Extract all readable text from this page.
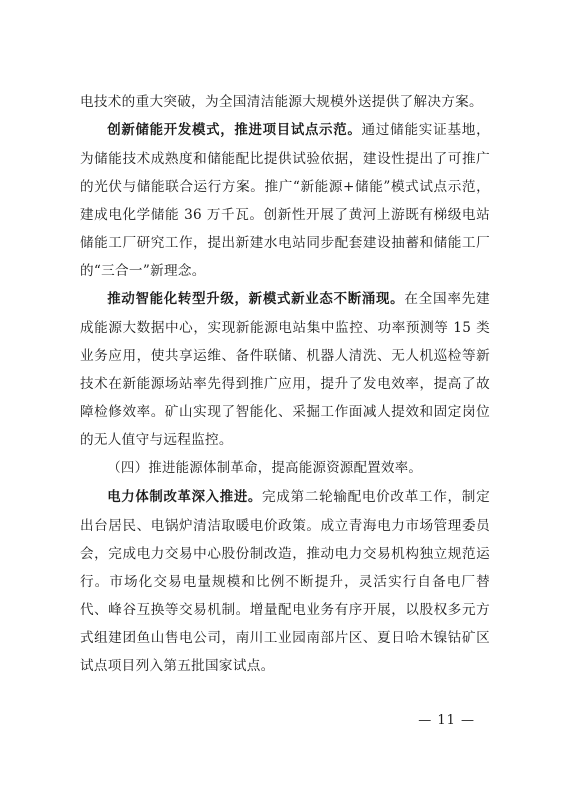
电技术的重大突破，为全国清洁能源大规模外送提供了解决方案。

创新储能开发模式，推进项目试点示范。通过储能实证基地，为储能技术成熟度和储能配比提供试验依据，建设性提出了可推广的光伏与储能联合运行方案。推广“新能源+储能”模式试点示范，建成电化学储能 36 万千瓦。创新性开展了黄河上游既有梯级电站储能工厂研究工作，提出新建水电站同步配套建设抽蓄和储能工厂的“三合一”新理念。

推动智能化转型升级，新模式新业态不断涌现。在全国率先建成能源大数据中心，实现新能源电站集中监控、功率预测等 15 类业务应用，使共享运维、备件联储、机器人清洗、无人机巡检等新技术在新能源场站率先得到推广应用，提升了发电效率，提高了故障检修效率。矿山实现了智能化、采掘工作面减人提效和固定岗位的无人值守与远程监控。

（四）推进能源体制革命，提高能源资源配置效率。

电力体制改革深入推进。完成第二轮输配电价改革工作，制定出台居民、电锅炉清洁取暖电价政策。成立青海电力市场管理委员会，完成电力交易中心股份制改造，推动电力交易机构独立规范运行。市场化交易电量规模和比例不断提升，灵活实行自备电厂替代、峰谷互换等交易机制。增量配电业务有序开展，以股权多元方式组建团鱼山售电公司，南川工业园南部片区、夏日哈木镍钴矿区试点项目列入第五批国家试点。

— 11 —
